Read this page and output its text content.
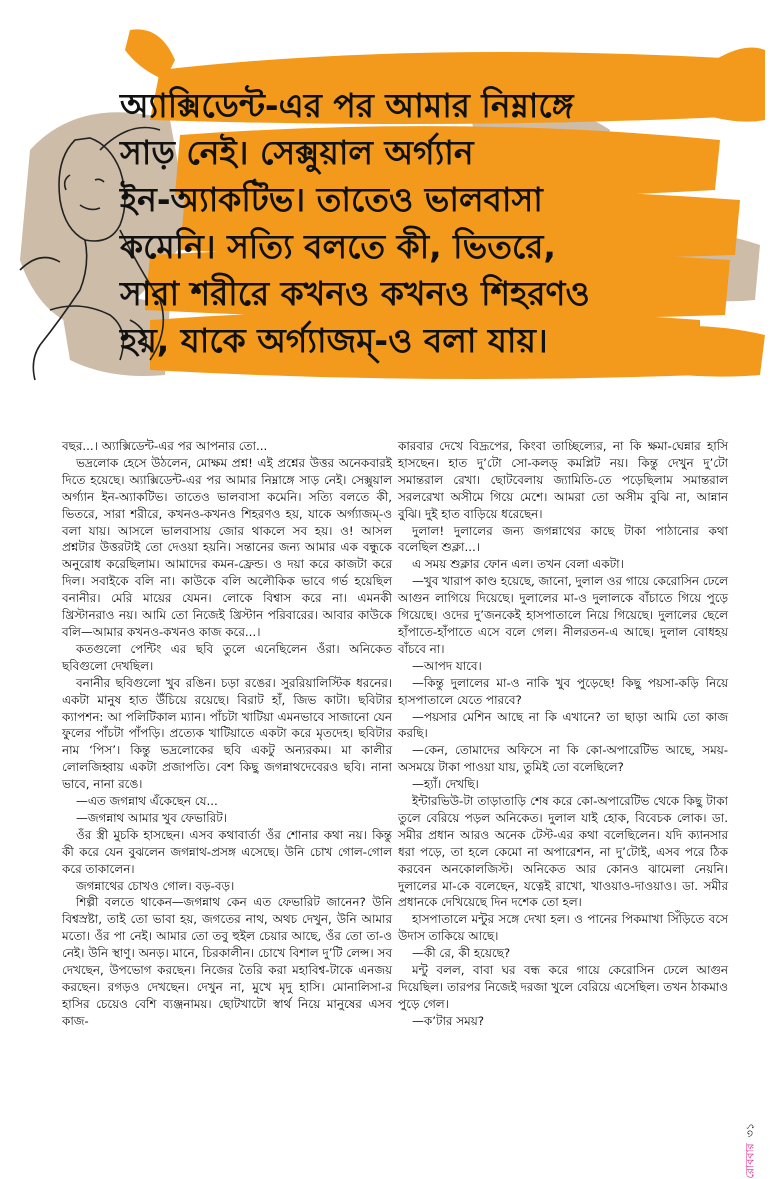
অ্যাক্সিডেন্ট-এর পর আমার নিম্নাঙ্গে
সাড় নেই। সেক্সুয়াল অর্গ্যান
ইন-অ্যাকটিভ। তাতেও ভালবাসা
কমেনি। সত্যি বলতে কী, ভিতরে,
সারা শরীরে কখনও কখনও শিহরণও
হয়, যাকে অর্গ্যাজম্‌-ও বলা যায়।

বছর...। অ্যাক্সিডেন্ট-এর পর আপনার তো...

ভদ্রলোক হেসে উঠলেন, মোক্ষম প্রশ্ন! এই প্রশ্নের উত্তর অনেকবারই দিতে হয়েছে। অ্যাক্সিডেন্ট-এর পর আমার নিম্নাঙ্গে সাড় নেই। সেক্সুয়াল অর্গ্যান ইন-অ্যাকটিভ। তাতেও ভালবাসা কমেনি। সত্যি বলতে কী, ভিতরে, সারা শরীরে, কখনও-কখনও শিহরণও হয়, যাকে অর্গ্যাজম্‌-ও বলা যায়। আসলে ভালবাসায় জোর থাকলে সব হয়। ও! আসল প্রশ্নটার উত্তরটাই তো দেওয়া হয়নি। সন্তানের জন্য আমার এক বন্ধুকে অনুরোধ করেছিলাম। আমাদের কমন-ফ্রেন্ড। ও দয়া করে কাজটা করে দিল। সবাইকে বলি না। কাউকে বলি অলৌকিক ভাবে গর্ভ হয়েছিল বনানীর। মেরি মায়ের যেমন। লোকে বিশ্বাস করে না। এমনকী খ্রিস্টানরাও নয়। আমি তো নিজেই খ্রিস্টান পরিবারের। আবার কাউকে বলি—আমার কখনও-কখনও কাজ করে...।

কতগুলো পেন্টিং এর ছবি তুলে এনেছিলেন ওঁরা। অনিকেত ছবিগুলো দেখছিল।

বনানীর ছবিগুলো খুব রঙিন। চড়া রঙের। সুররিয়ালিস্টিক ধরনের। একটা মানুষ হাত উঁচিয়ে রয়েছে। বিরাট হাঁ, জিভ কাটা। ছবিটার ক্যাপশন: আ পলিটিকাল ম্যান। পাঁচটা খাটিয়া এমনভাবে সাজানো যেন ফুলের পাঁচটা পাঁপড়ি। প্রত্যেক খাটিয়াতে একটা করে মৃতদেহ। ছবিটার নাম ‘পিস’। কিন্তু ভদ্রলোকের ছবি একটু অন্যরকম। মা কালীর লোলজিহ্বায় একটা প্রজাপতি। বেশ কিছু জগন্নাথদেবেরও ছবি। নানা ভাবে, নানা রঙে।

—এত জগন্নাথ এঁকেছেন যে...

—জগন্নাথ আমার খুব ফেভারিট।

ওঁর স্ত্রী মুচকি হাসছেন। এসব কথাবার্তা ওঁর শোনার কথা নয়। কিন্তু কী করে যেন বুঝলেন জগন্নাথ-প্রসঙ্গ এসেছে। উনি চোখ গোল-গোল করে তাকালেন।

জগন্নাথের চোখও গোল। বড়-বড়।

শিল্পী বলতে থাকেন—জগন্নাথ কেন এত ফেভারিট জানেন? উনি বিশ্বস্রষ্টা, তাই তো ভাবা হয়, জগতের নাথ, অথচ দেখুন, উনি আমার মতো। ওঁর পা নেই। আমার তো তবু হুইল চেয়ার আছে, ওঁর তো তা-ও নেই। উনি স্থাণু। অনড়। মানে, চিরকালীন। চোখে বিশাল দু’টি লেন্স। সব দেখছেন, উপভোগ করছেন। নিজের তৈরি করা মহাবিশ্ব-টাকে এনজয় করছেন। রগড়ও দেখছেন। দেখুন না, মুখে মৃদু হাসি। মোনালিসা-র হাসির চেয়েও বেশি ব্যঞ্জনাময়। ছোটখাটো স্বার্থ নিয়ে মানুষের এসব কাজ-

কারবার দেখে বিদ্রূপের, কিংবা তাচ্ছিল্যের, না কি ক্ষমা-ঘেন্নার হাসি হাসছেন। হাত দু’টো সো-কলড্‌ কমপ্লিট নয়। কিন্তু দেখুন দু’টো সমান্তরাল রেখা। ছোটবেলায় জ্যামিতি-তে পড়েছিলাম সমান্তরাল সরলরেখা অসীমে গিয়ে মেশে। আমরা তো অসীম বুঝি না, আন্নান বুঝি। দুই হাত বাড়িয়ে ধরেছেন।

দুলাল! দুলালের জন্য জগন্নাথের কাছে টাকা পাঠানোর কথা বলেছিল শুক্লা...।

এ সময় শুক্লার ফোন এল। তখন বেলা একটা।

—খুব খারাপ কাণ্ড হয়েছে, জানো, দুলাল ওর গায়ে কেরোসিন ঢেলে আগুন লাগিয়ে দিয়েছে। দুলালের মা-ও দুলালকে বাঁচাতে গিয়ে পুড়ে গিয়েছে। ওদের দু’জনকেই হাসপাতালে নিয়ে গিয়েছে। দুলালের ছেলে হাঁপাতে-হাঁপাতে এসে বলে গেল। নীলরতন-এ আছে। দুলাল বোধহয় বাঁচবে না।

—আপদ যাবে।

—কিন্তু দুলালের মা-ও নাকি খুব পুড়েছে! কিছু পয়সা-কড়ি নিয়ে হাসপাতালে যেতে পারবে?

—পয়সার মেশিন আছে না কি এখানে? তা ছাড়া আমি তো কাজ করছি।

—কেন, তোমাদের অফিসে না কি কো-অপারেটিভ আছে, সময়-অসময়ে টাকা পাওয়া যায়, তুমিই তো বলেছিলে?

—হ্যাঁ। দেখছি।

ইন্টারভিউ-টা তাড়াতাড়ি শেষ করে কো-অপারেটিভ থেকে কিছু টাকা তুলে বেরিয়ে পড়ল অনিকেত। দুলাল যাই হোক, বিবেচক লোক। ডা. সমীর প্রধান আরও অনেক টেস্ট-এর কথা বলেছিলেন। যদি ক্যানসার ধরা পড়ে, তা হলে কেমো না অপারেশন, না দু’টোই, এসব পরে ঠিক করবেন অনকোলজিস্ট। অনিকেত আর কোনও ঝামেলা নেয়নি। দুলালের মা-কে বলেছেন, যত্নেই রাখো, খাওয়াও-দাওয়াও। ডা. সমীর প্রধানকে দেখিয়েছে দিন দশেক তো হল।

হাসপাতালে মন্টুর সঙ্গে দেখা হল। ও পানের পিকমাখা সিঁড়িতে বসে উদাস তাকিয়ে আছে।

—কী রে, কী হয়েছে?

মন্টু বলল, বাবা ঘর বন্ধ করে গায়ে কেরোসিন ঢেলে আগুন দিয়েছিল। তারপর নিজেই দরজা খুলে বেরিয়ে এসেছিল। তখন ঠাকমাও পুড়ে গেল।

—ক’টার সময়?

রোববার৩১
